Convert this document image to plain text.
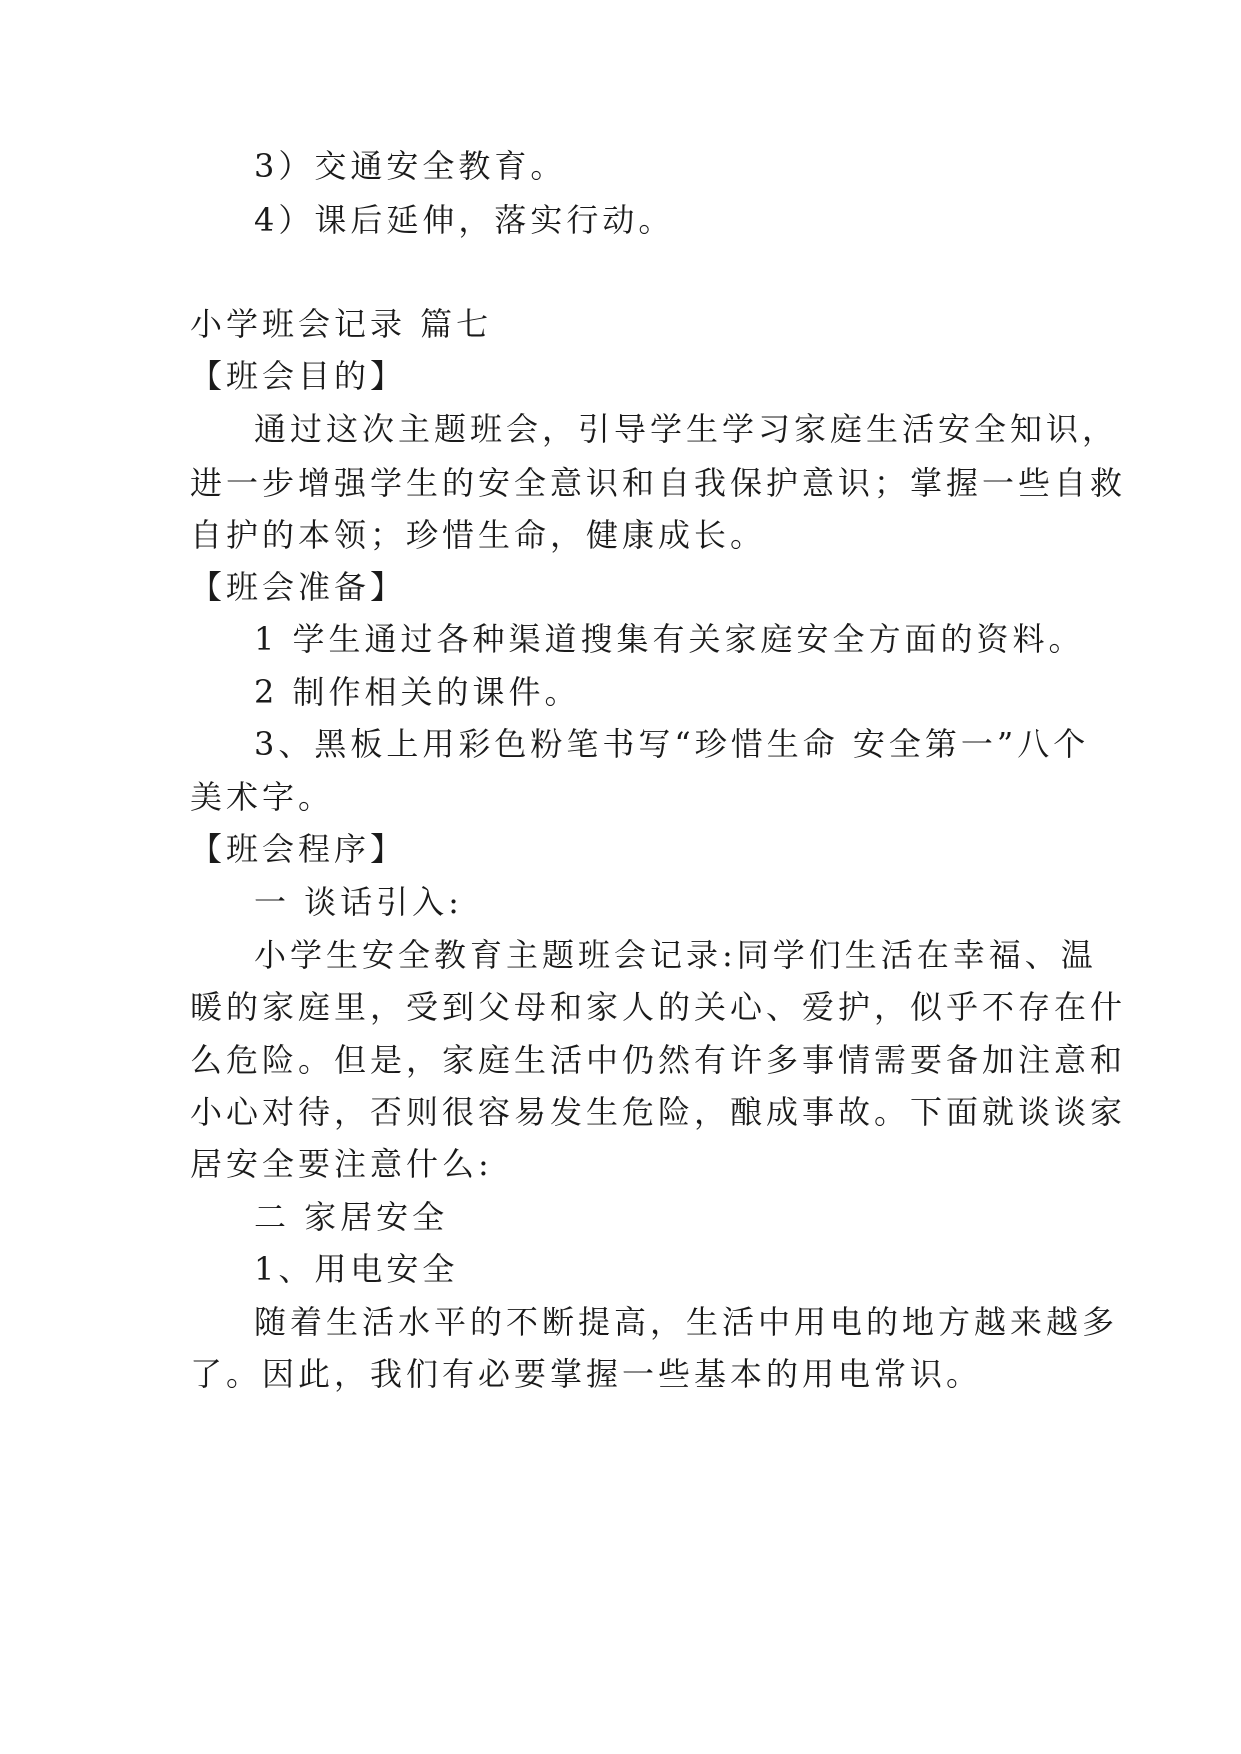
3）交通安全教育。
4）课后延伸，落实行动。
小学班会记录 篇七
【班会目的】
通过这次主题班会，引导学生学习家庭生活安全知识，
进一步增强学生的安全意识和自我保护意识；掌握一些自救
自护的本领；珍惜生命，健康成长。
【班会准备】
1 学生通过各种渠道搜集有关家庭安全方面的资料。
2 制作相关的课件。
3、黑板上用彩色粉笔书写“珍惜生命 安全第一”八个
美术字。
【班会程序】
一 谈话引入:
小学生安全教育主题班会记录:同学们生活在幸福、温
暖的家庭里，受到父母和家人的关心、爱护，似乎不存在什
么危险。但是，家庭生活中仍然有许多事情需要备加注意和
小心对待，否则很容易发生危险，酿成事故。下面就谈谈家
居安全要注意什么:
二 家居安全
1、用电安全
随着生活水平的不断提高，生活中用电的地方越来越多
了。因此，我们有必要掌握一些基本的用电常识。
